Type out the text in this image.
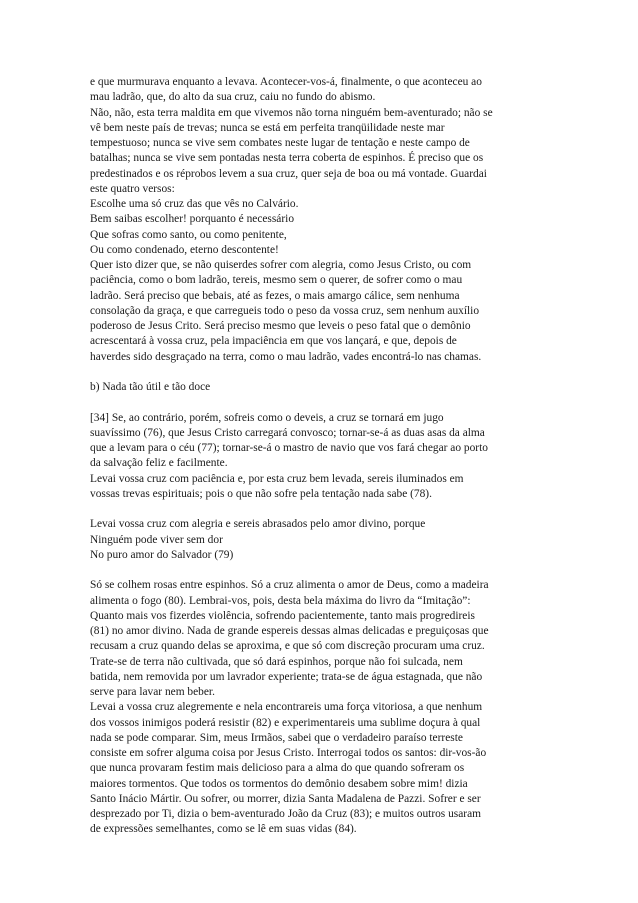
e que murmurava enquanto a levava. Acontecer-vos-á, finalmente, o que aconteceu ao

mau ladrão, que, do alto da sua cruz, caiu no fundo do abismo.

Não, não, esta terra maldita em que vivemos não torna ninguém bem-aventurado; não se

vê bem neste país de trevas; nunca se está em perfeita tranqüilidade neste mar

tempestuoso; nunca se vive sem combates neste lugar de tentação e neste campo de

batalhas; nunca se vive sem pontadas nesta terra coberta de espinhos. É preciso que os

predestinados e os réprobos levem a sua cruz, quer seja de boa ou má vontade. Guardai

este quatro versos:

Escolhe uma só cruz das que vês no Calvário.

Bem saibas escolher! porquanto é necessário

Que sofras como santo, ou como penitente,

Ou como condenado, eterno descontente!

Quer isto dizer que, se não quiserdes sofrer com alegria, como Jesus Cristo, ou com

paciência, como o bom ladrão, tereis, mesmo sem o querer, de sofrer como o mau

ladrão. Será preciso que bebais, até as fezes, o mais amargo cálice, sem nenhuma

consolação da graça, e que carregueis todo o peso da vossa cruz, sem nenhum auxílio

poderoso de Jesus Crito. Será preciso mesmo que leveis o peso fatal que o demônio

acrescentará à vossa cruz, pela impaciência em que vos lançará, e que, depois de

haverdes sido desgraçado na terra, como o mau ladrão, vades encontrá-lo nas chamas.

b) Nada tão útil e tão doce

[34] Se, ao contrário, porém, sofreis como o deveis, a cruz se tornará em jugo

suavíssimo (76), que Jesus Cristo carregará convosco; tornar-se-á as duas asas da alma

que a levam para o céu (77); tornar-se-á o mastro de navio que vos fará chegar ao porto

da salvação feliz e facilmente.

Levai vossa cruz com paciência e, por esta cruz bem levada, sereis iluminados em

vossas trevas espirituais; pois o que não sofre pela tentação nada sabe (78).

Levai vossa cruz com alegria e sereis abrasados pelo amor divino, porque

Ninguém pode viver sem dor

No puro amor do Salvador (79)

Só se colhem rosas entre espinhos. Só a cruz alimenta o amor de Deus, como a madeira

alimenta o fogo (80). Lembrai-vos, pois, desta bela máxima do livro da “Imitação”:

Quanto mais vos fizerdes violência, sofrendo pacientemente, tanto mais progredireis

(81) no amor divino. Nada de grande espereis dessas almas delicadas e preguiçosas que

recusam a cruz quando delas se aproxima, e que só com discreção procuram uma cruz.

Trate-se de terra não cultivada, que só dará espinhos, porque não foi sulcada, nem

batida, nem removida por um lavrador experiente; trata-se de água estagnada, que não

serve para lavar nem beber.

Levai a vossa cruz alegremente e nela encontrareis uma força vitoriosa, a que nenhum

dos vossos inimigos poderá resistir (82) e experimentareis uma sublime doçura à qual

nada se pode comparar. Sim, meus Irmãos, sabei que o verdadeiro paraíso terreste

consiste em sofrer alguma coisa por Jesus Cristo. Interrogai todos os santos: dir-vos-ão

que nunca provaram festim mais delicioso para a alma do que quando sofreram os

maiores tormentos. Que todos os tormentos do demônio desabem sobre mim! dizia

Santo Inácio Mártir. Ou sofrer, ou morrer, dizia Santa Madalena de Pazzi. Sofrer e ser

desprezado por Ti, dizia o bem-aventurado João da Cruz (83); e muitos outros usaram

de expressões semelhantes, como se lê em suas vidas (84).
